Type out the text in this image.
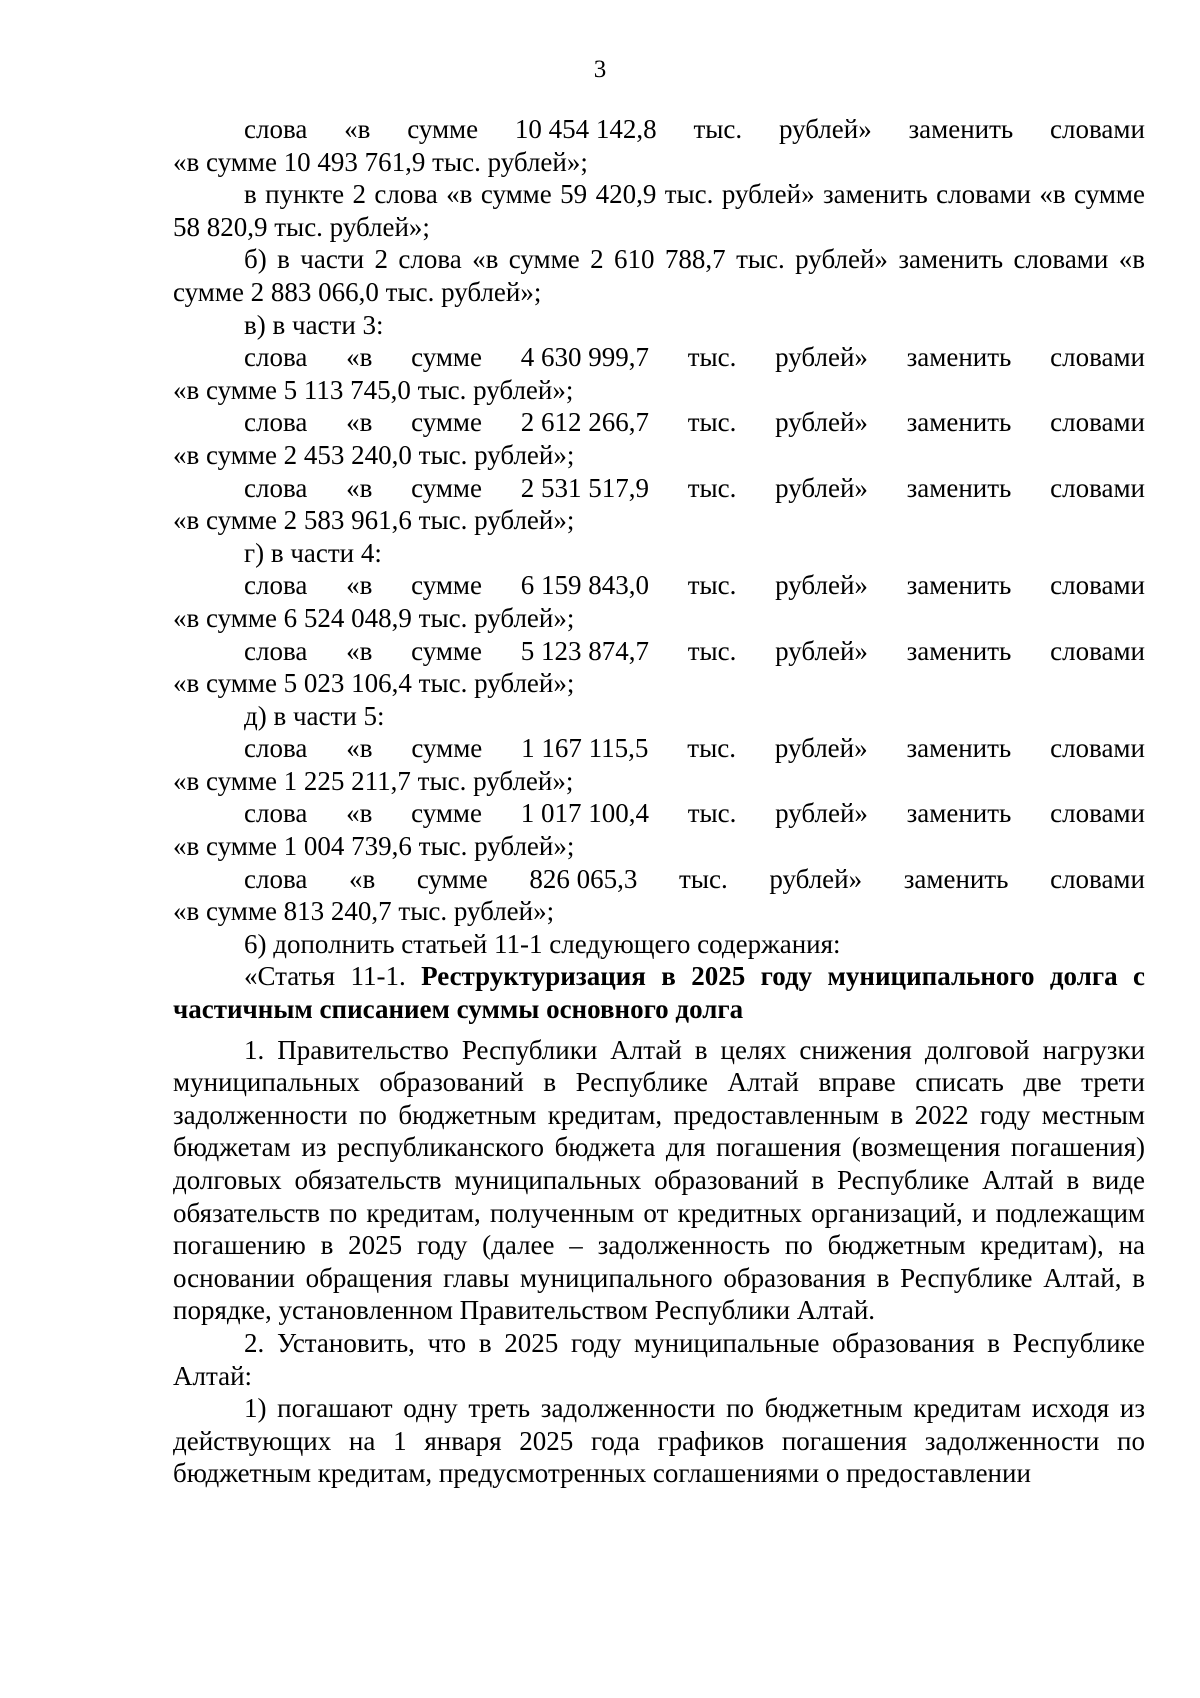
3
слова «в сумме 10 454 142,8 тыс. рублей» заменить словами

«в сумме 10 493 761,9 тыс. рублей»;

в пункте 2 слова «в сумме 59 420,9 тыс. рублей» заменить словами «в сумме 58 820,9 тыс. рублей»;

б) в части 2 слова «в сумме 2 610 788,7 тыс. рублей» заменить словами «в сумме 2 883 066,0 тыс. рублей»;

в) в части 3:

слова «в сумме 4 630 999,7 тыс. рублей» заменить словами

«в сумме 5 113 745,0 тыс. рублей»;

слова «в сумме 2 612 266,7 тыс. рублей» заменить словами

«в сумме 2 453 240,0 тыс. рублей»;

слова «в сумме 2 531 517,9 тыс. рублей» заменить словами

«в сумме 2 583 961,6 тыс. рублей»;

г) в части 4:

слова «в сумме 6 159 843,0 тыс. рублей» заменить словами

«в сумме 6 524 048,9 тыс. рублей»;

слова «в сумме 5 123 874,7 тыс. рублей» заменить словами

«в сумме 5 023 106,4 тыс. рублей»;

д) в части 5:

слова «в сумме 1 167 115,5 тыс. рублей» заменить словами

«в сумме 1 225 211,7 тыс. рублей»;

слова «в сумме 1 017 100,4 тыс. рублей» заменить словами

«в сумме 1 004 739,6 тыс. рублей»;

слова «в сумме 826 065,3 тыс. рублей» заменить словами

«в сумме 813 240,7 тыс. рублей»;

6) дополнить статьей 11-1 следующего содержания:

«Статья 11-1. Реструктуризация в 2025 году муниципального долга с частичным списанием суммы основного долга

1. Правительство Республики Алтай в целях снижения долговой нагрузки муниципальных образований в Республике Алтай вправе списать две трети задолженности по бюджетным кредитам, предоставленным в 2022 году местным бюджетам из республиканского бюджета для погашения (возмещения погашения) долговых обязательств муниципальных образований в Республике Алтай в виде обязательств по кредитам, полученным от кредитных организаций, и подлежащим погашению в 2025 году (далее – задолженность по бюджетным кредитам), на основании обращения главы муниципального образования в Республике Алтай, в порядке, установленном Правительством Республики Алтай.

2. Установить, что в 2025 году муниципальные образования в Республике Алтай:

1) погашают одну треть задолженности по бюджетным кредитам исходя из действующих на 1 января 2025 года графиков погашения задолженности по бюджетным кредитам, предусмотренных соглашениями о предоставлении
